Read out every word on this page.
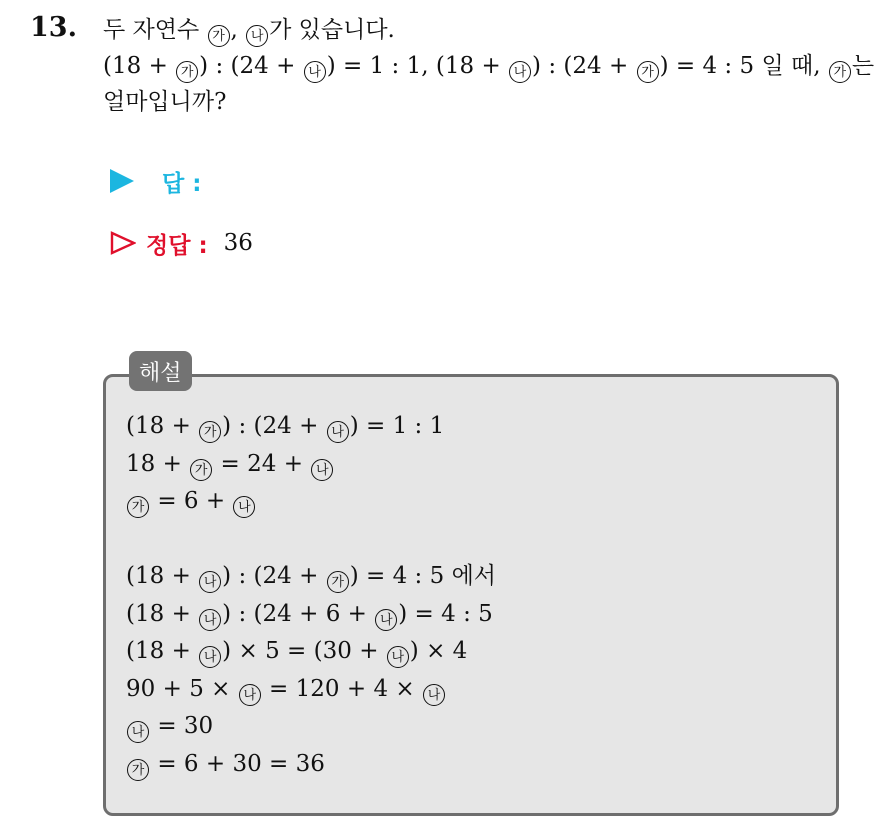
13. 두 자연수 가 , 나 가 있습니다.
(18 + 가 ) : (24 + 나 ) = 1 : 1, (18 + 나 ) : (24 + 가 ) = 4 : 5 일 때, 가 는
얼마입니까?
답 :
정답 : 36
해설
(18 + 가 ) : (24 + 나 ) = 1 : 1
18 + 가 = 24 + 나
가 = 6 + 나
(18 + 나 ) : (24 + 가 ) = 4 : 5 에서
(18 + 나 ) : (24 + 6 + 나 ) = 4 : 5
(18 + 나 ) × 5 = (30 + 나 ) × 4
90 + 5 × 나 = 120 + 4 × 나
나 = 30
가 = 6 + 30 = 36
